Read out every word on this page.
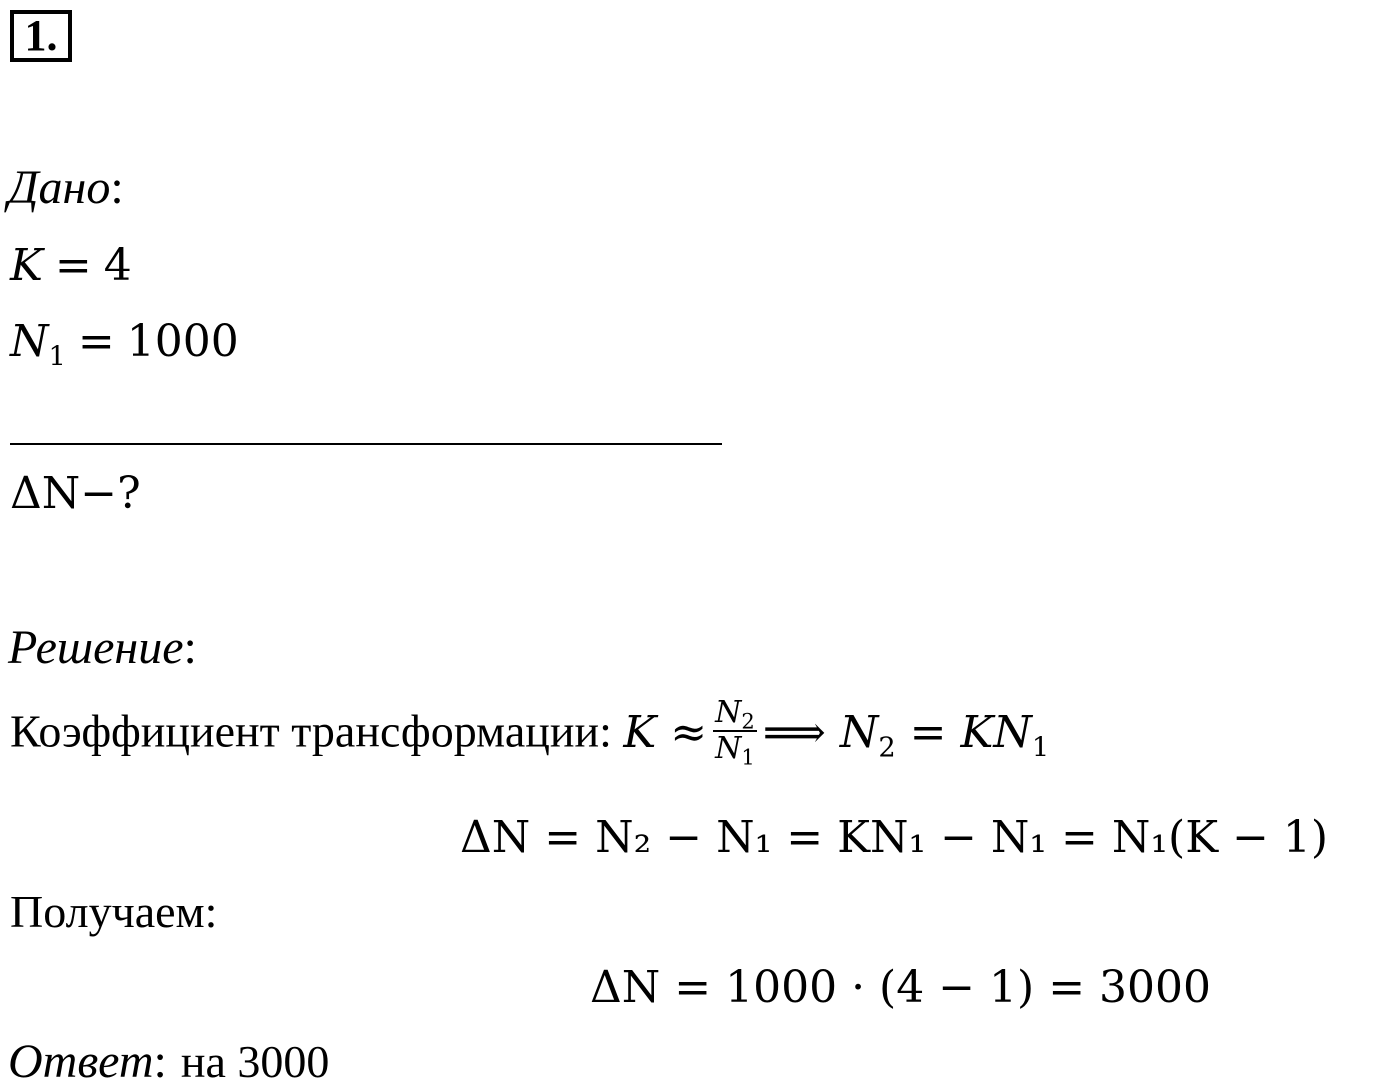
1.
Дано:
K = 4
$N_1 = 1000$
ΔN−?
Решение:
Коэффициент трансформации: $K \approx \frac{N_2}{N_1}$ ⟹ $N_2 = KN_1$
ΔN = N₂ − N₁ = KN₁ − N₁ = N₁(K − 1)
Получаем:
ΔN = 1000 · (4 − 1) = 3000
Ответ: на 3000
